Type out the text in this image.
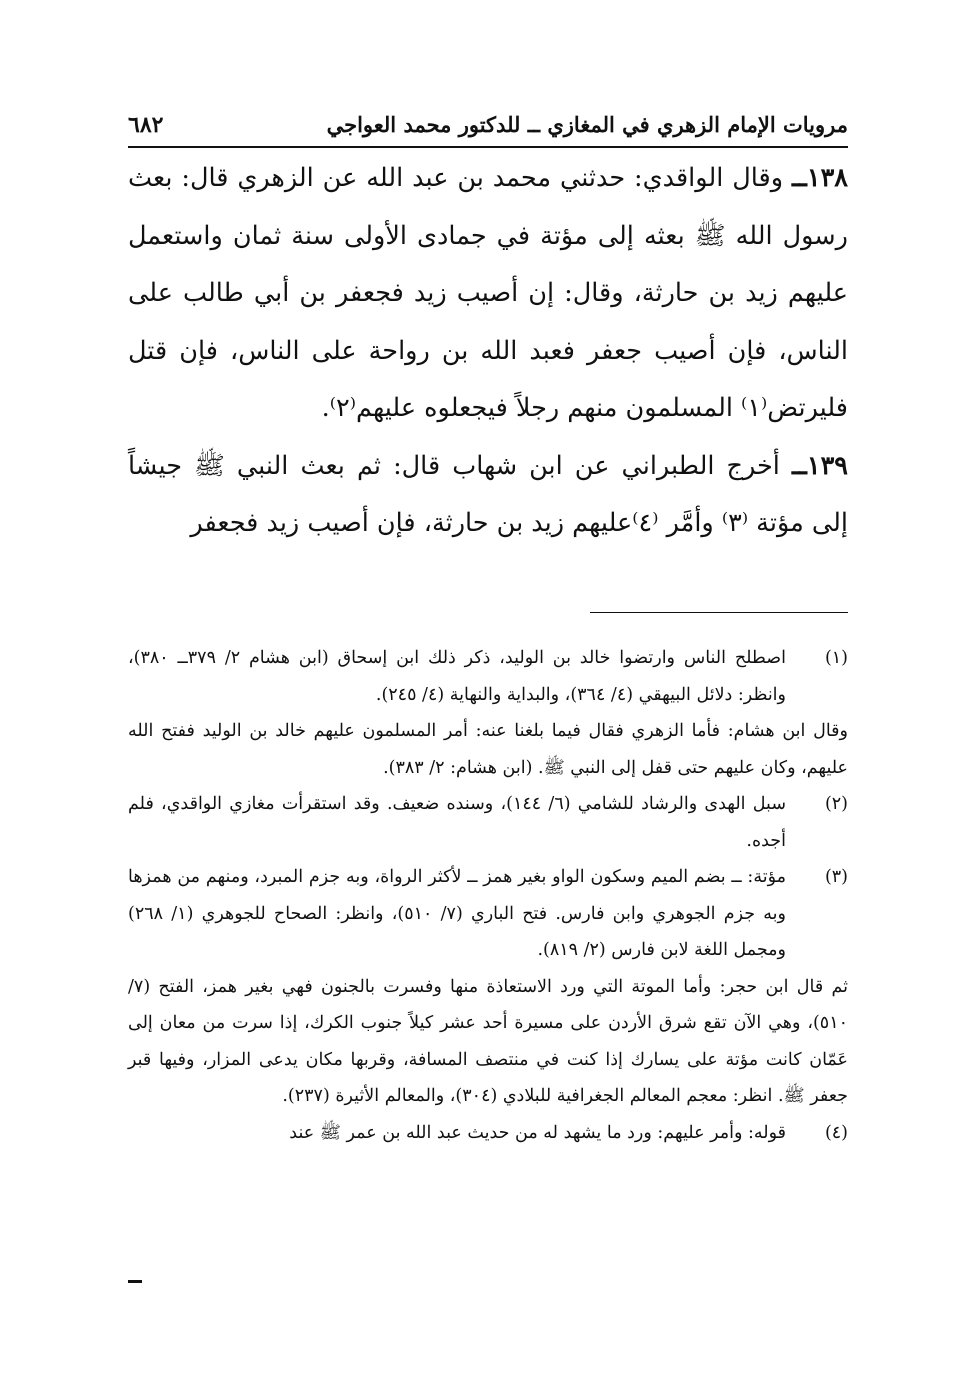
مرويات الإمام الزهري في المغازي ــ للدكتور محمد العواجي
٦٨٢

١٣٨ــ وقال الواقدي: حدثني محمد بن عبد الله عن الزهري قال: بعث رسول الله ﷺ بعثه إلى مؤتة في جمادى الأولى سنة ثمان واستعمل عليهم زيد بن حارثة، وقال: إن أصيب زيد فجعفر بن أبي طالب على الناس، فإن أصيب جعفر فعبد الله بن رواحة على الناس، فإن قتل فليرتض⁽١⁾ المسلمون منهم رجلاً فيجعلوه عليهم⁽٢⁾.

١٣٩ــ أخرج الطبراني عن ابن شهاب قال: ثم بعث النبي ﷺ جيشاً إلى مؤتة ⁽٣⁾ وأمَّر ⁽٤⁾عليهم زيد بن حارثة، فإن أصيب زيد فجعفر

(١)
اصطلح الناس وارتضوا خالد بن الوليد، ذكر ذلك ابن إسحاق (ابن هشام ٢/ ٣٧٩ــ ٣٨٠)، وانظر: دلائل البيهقي (٤/ ٣٦٤)، والبداية والنهاية (٤/ ٢٤٥).

وقال ابن هشام: فأما الزهري فقال فيما بلغنا عنه: أمر المسلمون عليهم خالد بن الوليد ففتح الله عليهم، وكان عليهم حتى قفل إلى النبي ﷺ. (ابن هشام: ٢/ ٣٨٣).

(٢)
سبل الهدى والرشاد للشامي (٦/ ١٤٤)، وسنده ضعيف. وقد استقرأت مغازي الواقدي، فلم أجده.
(٣)
مؤتة: ــ بضم الميم وسكون الواو بغير همز ــ لأكثر الرواة، وبه جزم المبرد، ومنهم من همزها وبه جزم الجوهري وابن فارس. فتح الباري (٧/ ٥١٠)، وانظر: الصحاح للجوهري (١/ ٢٦٨) ومجمل اللغة لابن فارس (٢/ ٨١٩).

ثم قال ابن حجر: وأما الموتة التي ورد الاستعاذة منها وفسرت بالجنون فهي بغير همز، الفتح (٧/ ٥١٠)، وهي الآن تقع شرق الأردن على مسيرة أحد عشر كيلاً جنوب الكرك، إذا سرت من معان إلى عَمّان كانت مؤتة على يسارك إذا كنت في منتصف المسافة، وقربها مكان يدعى المزار، وفيها قبر جعفر ﷺ. انظر: معجم المعالم الجغرافية للبلادي (٣٠٤)، والمعالم الأثيرة (٢٣٧).

(٤)
قوله: وأمر عليهم: ورد ما يشهد له من حديث عبد الله بن عمر ﷺ عند
